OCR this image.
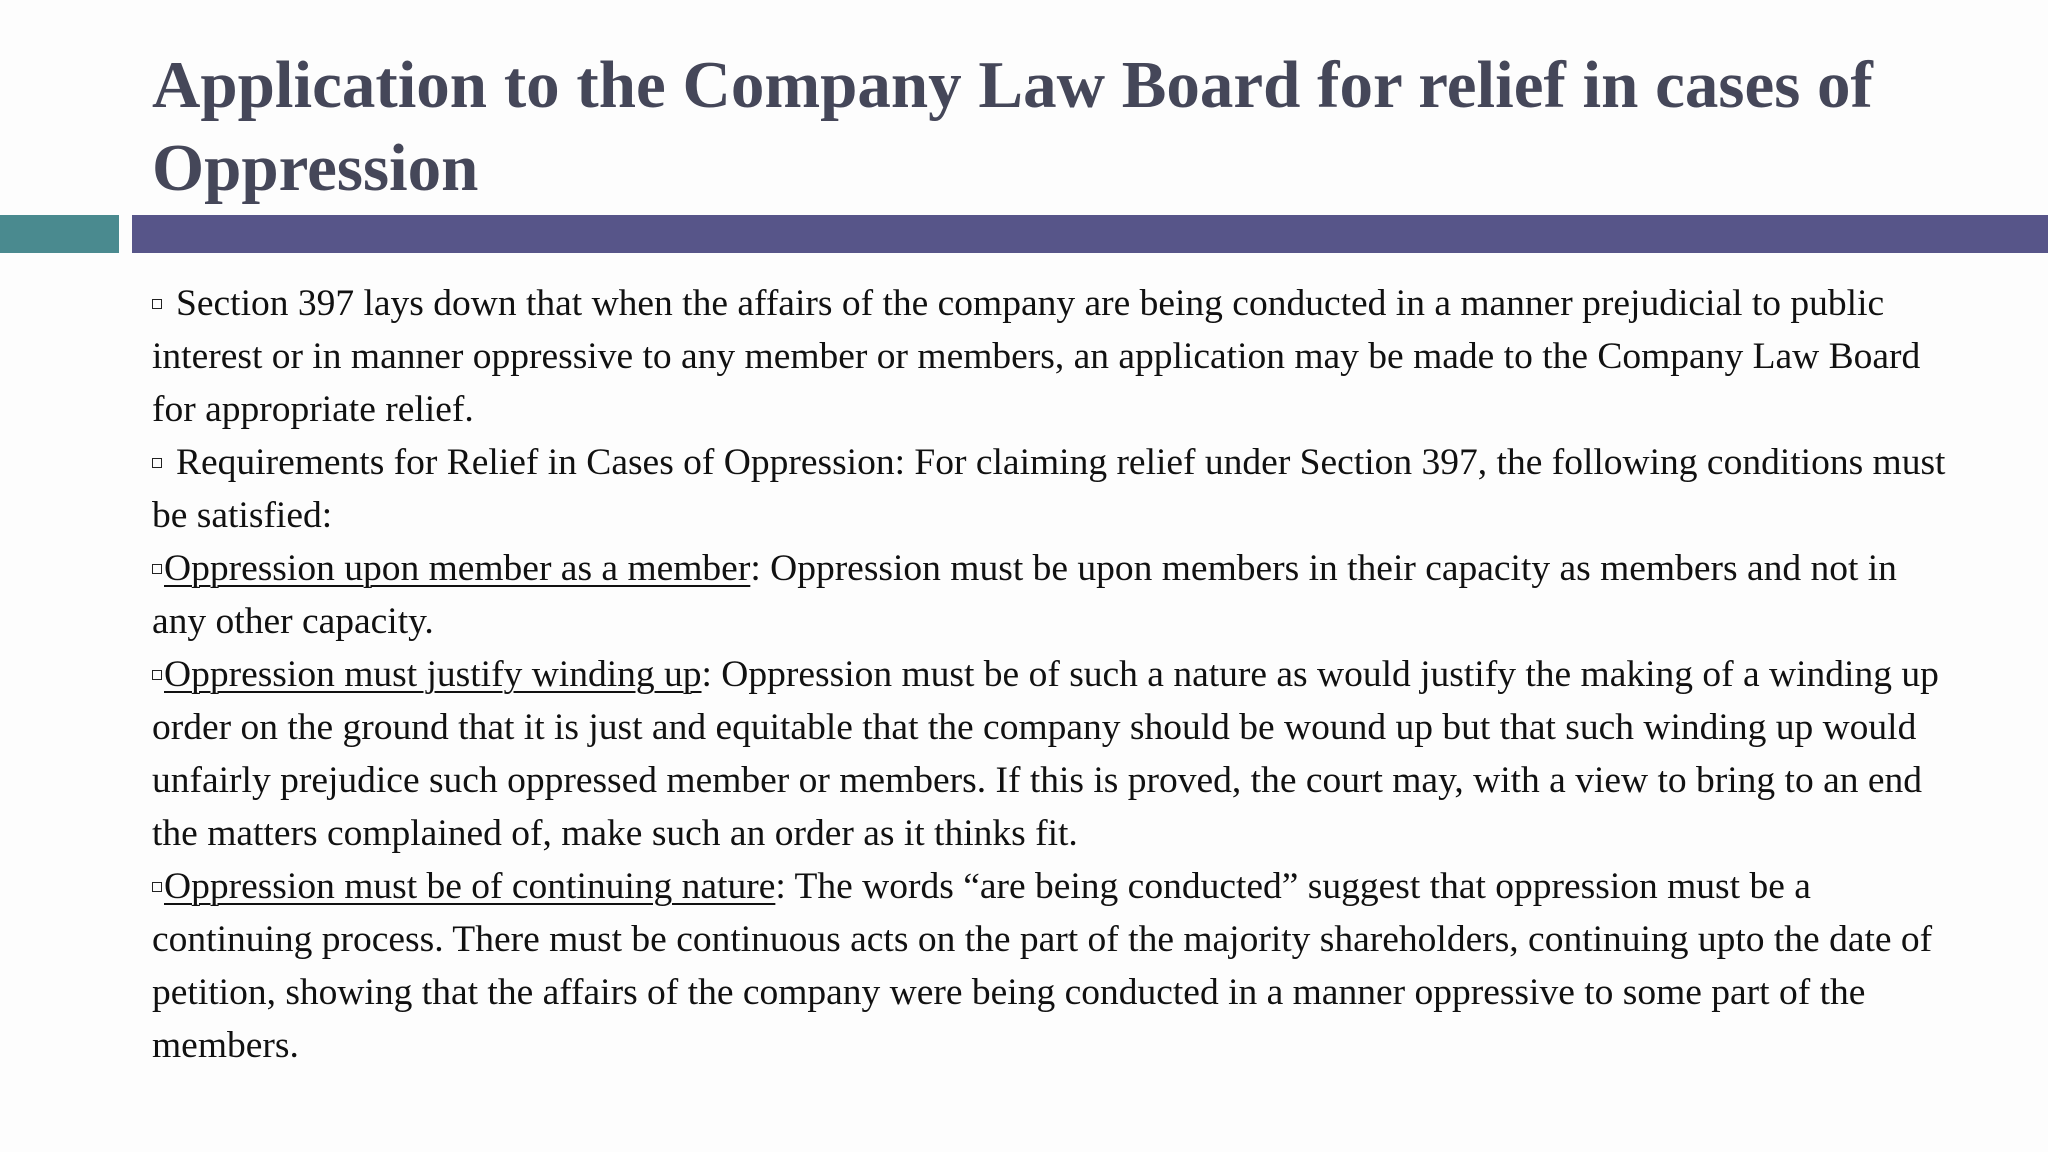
Application to the Company Law Board for relief in cases of Oppression

Section 397 lays down that when the affairs of the company are being conducted in a manner prejudicial to public interest or in manner oppressive to any member or members, an application may be made to the Company Law Board for appropriate relief.

Requirements for Relief in Cases of Oppression: For claiming relief under Section 397, the following conditions must be satisfied:

Oppression upon member as a member: Oppression must be upon members in their capacity as members and not in any other capacity.

Oppression must justify winding up: Oppression must be of such a nature as would justify the making of a winding up order on the ground that it is just and equitable that the company should be wound up but that such winding up would unfairly prejudice such oppressed member or members. If this is proved, the court may, with a view to bring to an end the matters complained of, make such an order as it thinks fit.

Oppression must be of continuing nature: The words “are being conducted” suggest that oppression must be a continuing process. There must be continuous acts on the part of the majority shareholders, continuing upto the date of petition, showing that the affairs of the company were being conducted in a manner oppressive to some part of the members.
